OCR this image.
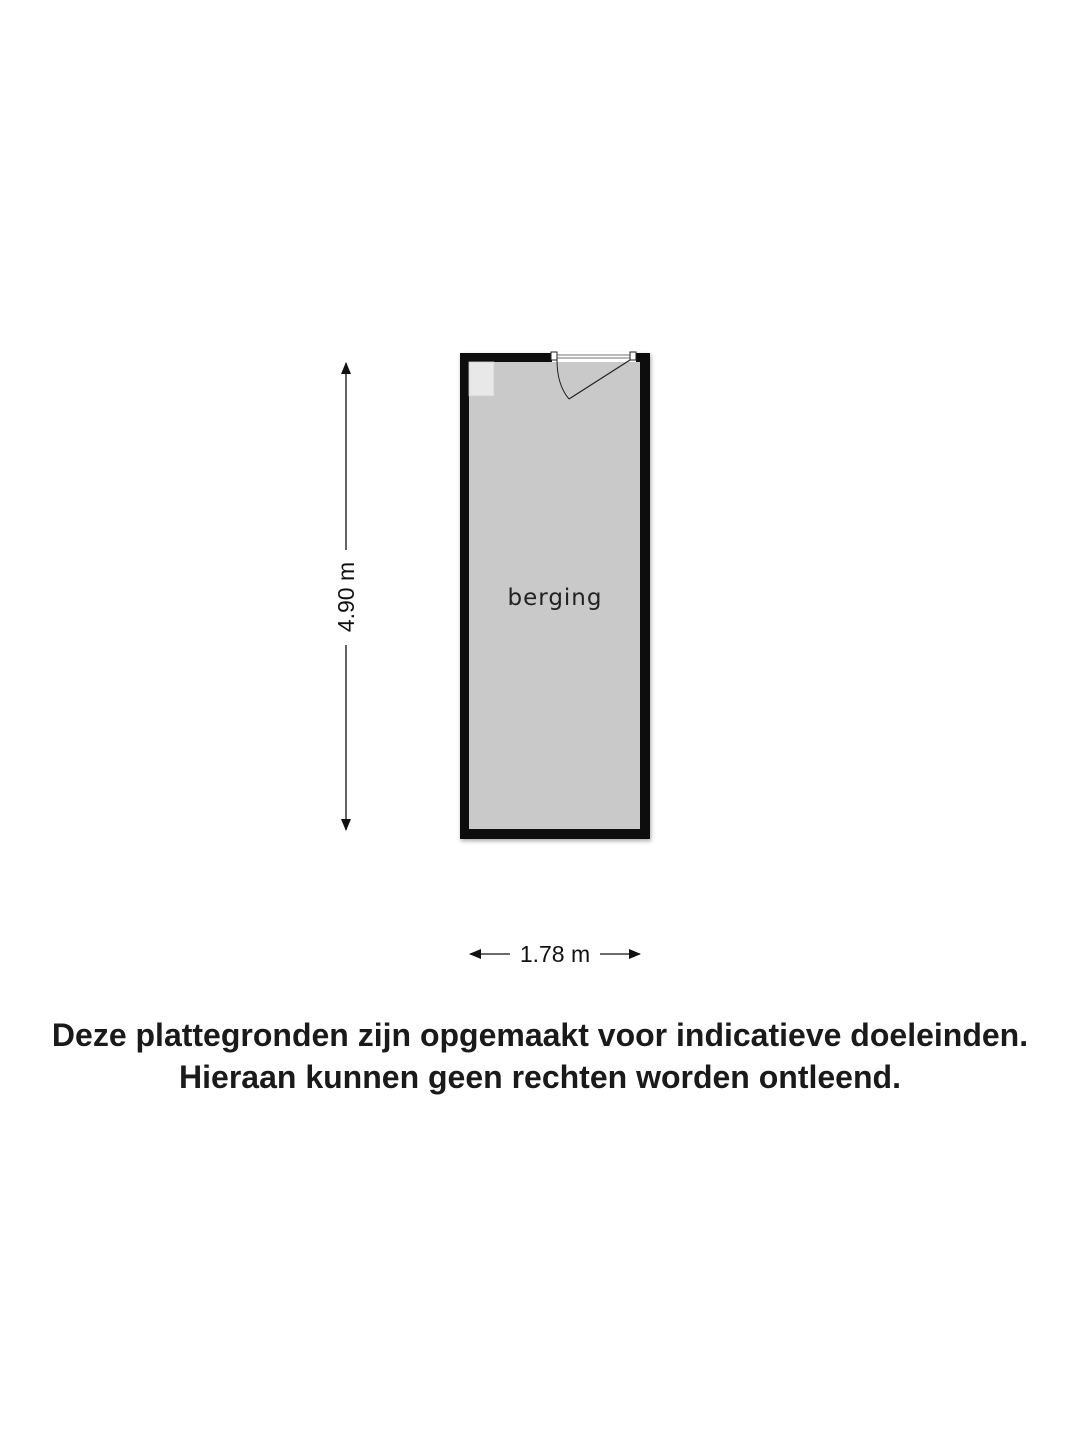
berging
4.90 m
1.78 m
Deze plattegronden zijn opgemaakt voor indicatieve doeleinden.
Hieraan kunnen geen rechten worden ontleend.
